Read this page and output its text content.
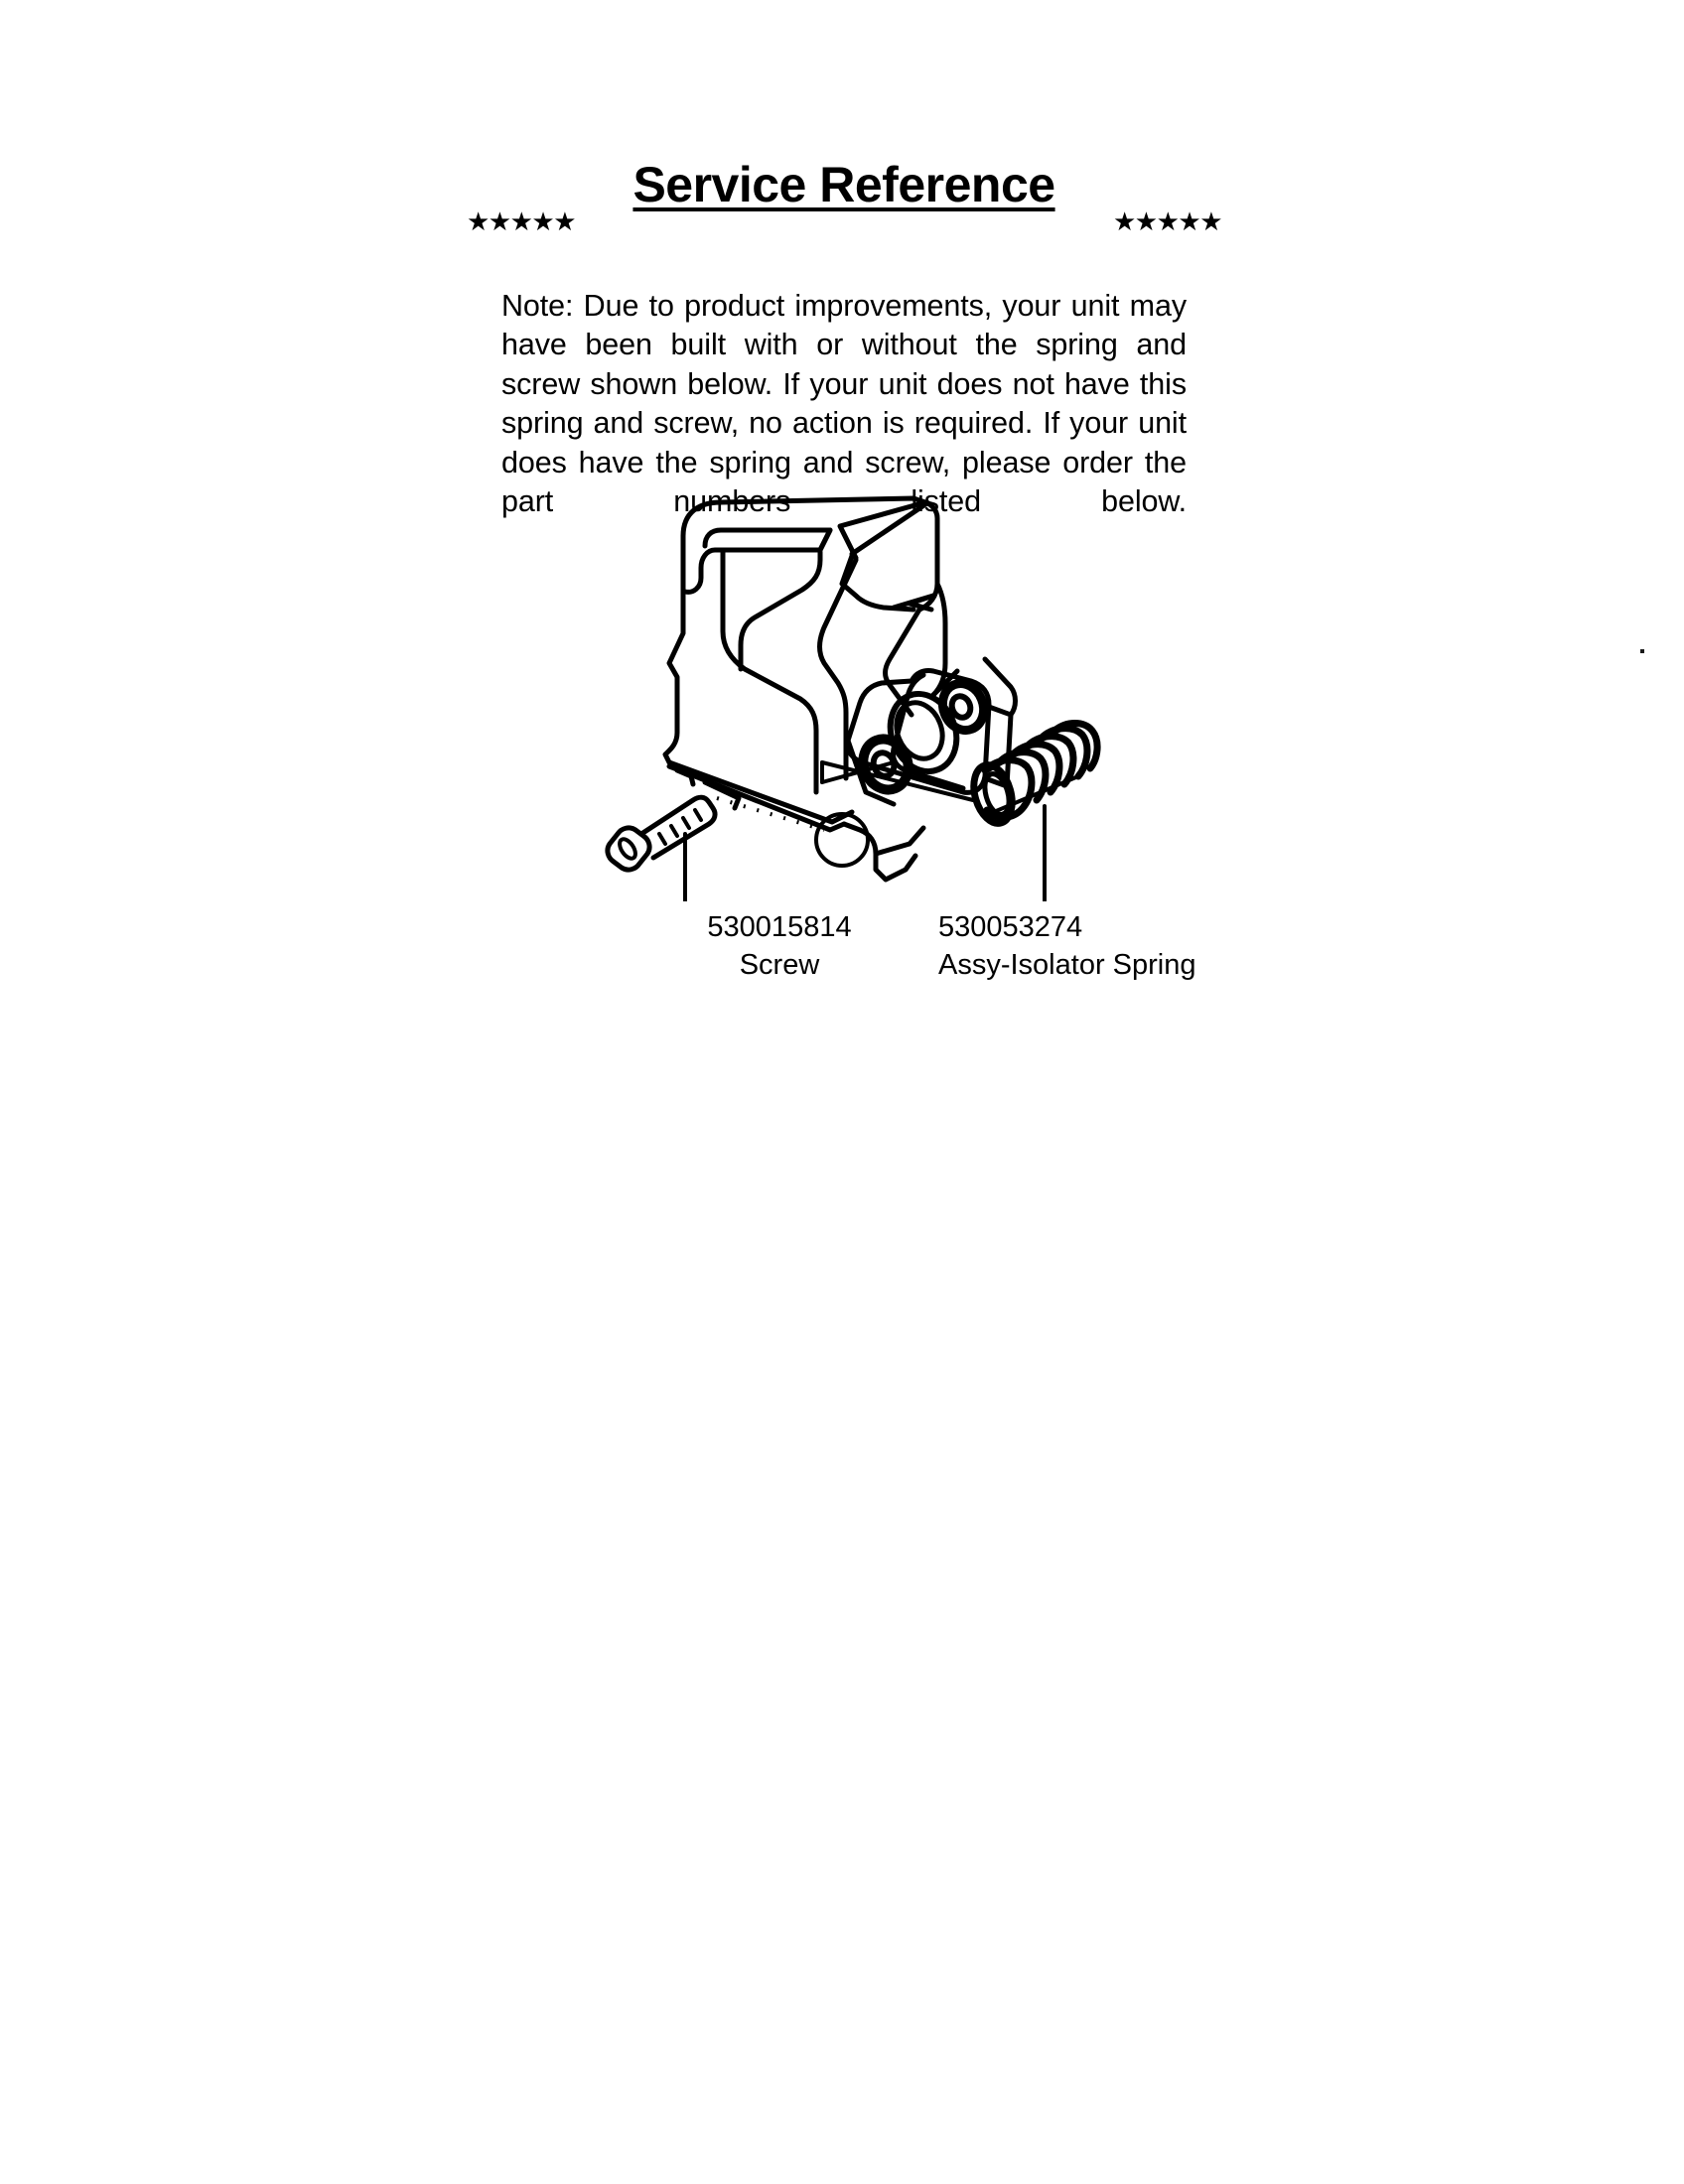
★★★★★
Service Reference
★★★★★

Note: Due to product improvements, your unit may have been built with or without the spring and screw shown below. If your unit does not have this spring and screw, no action is required. If your unit does have the spring and screw, please order the part numbers listed below.

530015814
Screw
530053274
Assy-Isolator Spring
